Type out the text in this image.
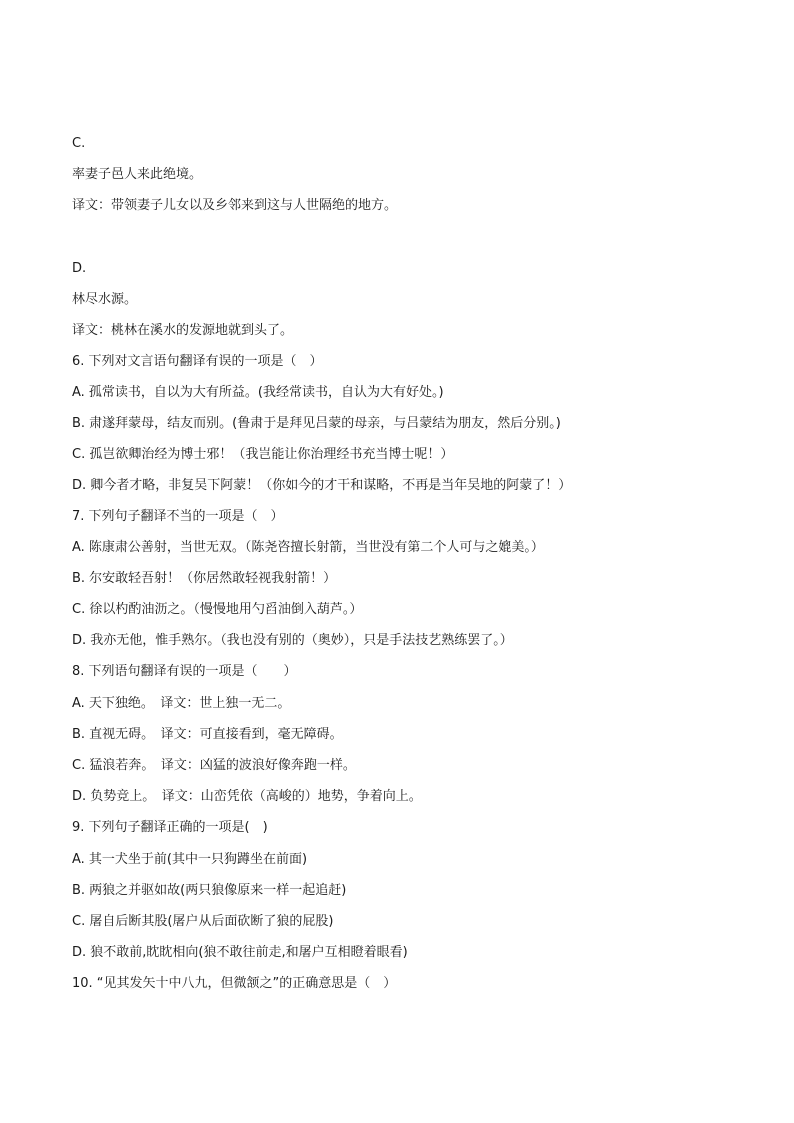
C.
率妻子邑人来此绝境。
译文：带领妻子儿女以及乡邻来到这与人世隔绝的地方。
D.
林尽水源。
译文：桃林在溪水的发源地就到头了。
6. 下列对文言语句翻译有误的一项是（　）
A. 孤常读书，自以为大有所益。(我经常读书，自认为大有好处。)
B. 肃遂拜蒙母，结友而别。(鲁肃于是拜见吕蒙的母亲，与吕蒙结为朋友，然后分别。)
C. 孤岂欲卿治经为博士邪！（我岂能让你治理经书充当博士呢！）
D. 卿今者才略，非复吴下阿蒙！（你如今的才干和谋略，不再是当年吴地的阿蒙了！）
7. 下列句子翻译不当的一项是（　）
A. 陈康肃公善射，当世无双。（陈尧咨擅长射箭，当世没有第二个人可与之媲美。）
B. 尔安敢轻吾射！（你居然敢轻视我射箭！）
C. 徐以杓酌油沥之。（慢慢地用勺舀油倒入葫芦。）
D. 我亦无他，惟手熟尔。（我也没有别的（奥妙），只是手法技艺熟练罢了。）
8. 下列语句翻译有误的一项是（　　）
A. 天下独绝。　译文：世上独一无二。
B. 直视无碍。　译文：可直接看到，毫无障碍。
C. 猛浪若奔。　译文：凶猛的波浪好像奔跑一样。
D. 负势竞上。　译文：山峦凭依（高峻的）地势，争着向上。
9. 下列句子翻译正确的一项是(　)
A. 其一犬坐于前(其中一只狗蹲坐在前面)
B. 两狼之并驱如故(两只狼像原来一样一起追赶)
C. 屠自后断其股(屠户从后面砍断了狼的屁股)
D. 狼不敢前,眈眈相向(狼不敢往前走,和屠户互相瞪着眼看)
10. “见其发矢十中八九，但微颔之”的正确意思是（　）
